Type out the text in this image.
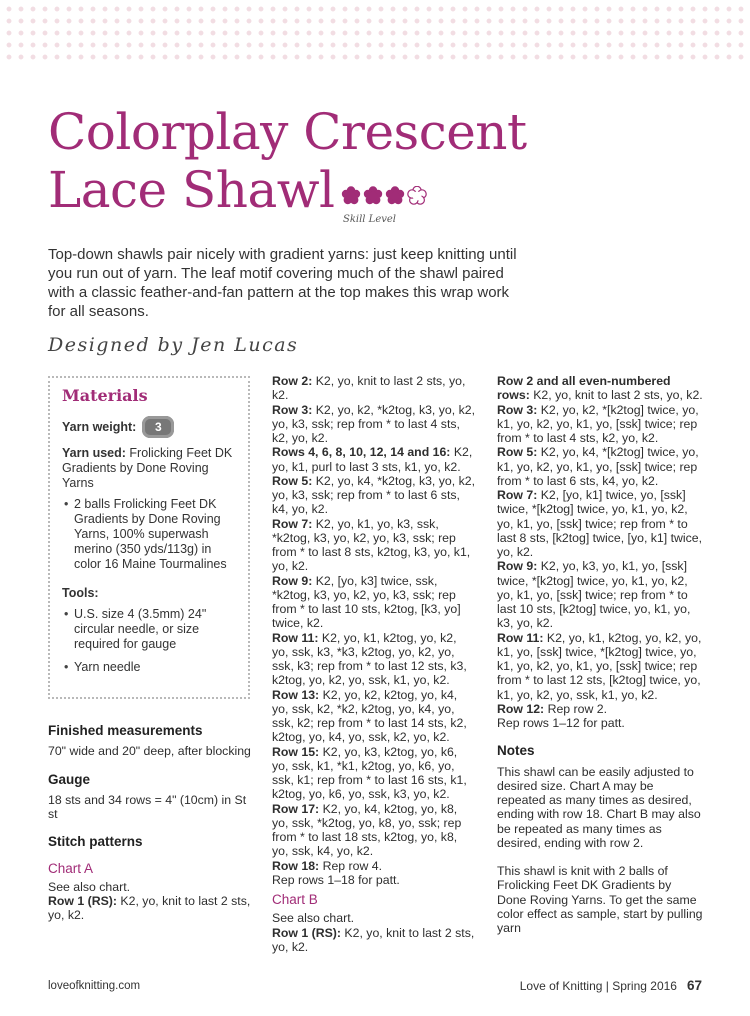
Colorplay Crescent
Lace Shawl
Skill Level

Top-down shawls pair nicely with gradient yarns: just keep knitting until you run out of yarn. The leaf motif covering much of the shawl paired with a classic feather-and-fan pattern at the top makes this wrap work for all seasons.

Designed by Jen Lucas
Materials
Yarn weight: 3

Yarn used: Frolicking Feet DK Gradients by Done Roving Yarns

• 2 balls Frolicking Feet DK Gradients by Done Roving Yarns, 100% superwash merino (350 yds/113g) in color 16 Maine Tourmalines
Tools:
• U.S. size 4 (3.5mm) 24" circular needle, or size required for gauge
• Yarn needle
Finished measurements

70" wide and 20" deep, after blocking

Gauge

18 sts and 34 rows = 4" (10cm) in St st

Stitch patterns
Chart A

See also chart.

Row 1 (RS): K2, yo, knit to last 2 sts, yo, k2.

Row 2: K2, yo, knit to last 2 sts, yo, k2.

Row 3: K2, yo, k2, *k2tog, k3, yo, k2, yo, k3, ssk; rep from * to last 4 sts, k2, yo, k2.

Rows 4, 6, 8, 10, 12, 14 and 16: K2, yo, k1, purl to last 3 sts, k1, yo, k2.

Row 5: K2, yo, k4, *k2tog, k3, yo, k2, yo, k3, ssk; rep from * to last 6 sts, k4, yo, k2.

Row 7: K2, yo, k1, yo, k3, ssk, *k2tog, k3, yo, k2, yo, k3, ssk; rep from * to last 8 sts, k2tog, k3, yo, k1, yo, k2.

Row 9: K2, [yo, k3] twice, ssk, *k2tog, k3, yo, k2, yo, k3, ssk; rep from * to last 10 sts, k2tog, [k3, yo] twice, k2.

Row 11: K2, yo, k1, k2tog, yo, k2, yo, ssk, k3, *k3, k2tog, yo, k2, yo, ssk, k3; rep from * to last 12 sts, k3, k2tog, yo, k2, yo, ssk, k1, yo, k2.

Row 13: K2, yo, k2, k2tog, yo, k4, yo, ssk, k2, *k2, k2tog, yo, k4, yo, ssk, k2; rep from * to last 14 sts, k2, k2tog, yo, k4, yo, ssk, k2, yo, k2.

Row 15: K2, yo, k3, k2tog, yo, k6, yo, ssk, k1, *k1, k2tog, yo, k6, yo, ssk, k1; rep from * to last 16 sts, k1, k2tog, yo, k6, yo, ssk, k3, yo, k2.

Row 17: K2, yo, k4, k2tog, yo, k8, yo, ssk, *k2tog, yo, k8, yo, ssk; rep from * to last 18 sts, k2tog, yo, k8, yo, ssk, k4, yo, k2.

Row 18: Rep row 4.

Rep rows 1–18 for patt.

Chart B

See also chart.

Row 1 (RS): K2, yo, knit to last 2 sts, yo, k2.

Row 2 and all even-numbered rows: K2, yo, knit to last 2 sts, yo, k2.

Row 3: K2, yo, k2, *[k2tog] twice, yo, k1, yo, k2, yo, k1, yo, [ssk] twice; rep from * to last 4 sts, k2, yo, k2.

Row 5: K2, yo, k4, *[k2tog] twice, yo, k1, yo, k2, yo, k1, yo, [ssk] twice; rep from * to last 6 sts, k4, yo, k2.

Row 7: K2, [yo, k1] twice, yo, [ssk] twice, *[k2tog] twice, yo, k1, yo, k2, yo, k1, yo, [ssk] twice; rep from * to last 8 sts, [k2tog] twice, [yo, k1] twice, yo, k2.

Row 9: K2, yo, k3, yo, k1, yo, [ssk] twice, *[k2tog] twice, yo, k1, yo, k2, yo, k1, yo, [ssk] twice; rep from * to last 10 sts, [k2tog] twice, yo, k1, yo, k3, yo, k2.

Row 11: K2, yo, k1, k2tog, yo, k2, yo, k1, yo, [ssk] twice, *[k2tog] twice, yo, k1, yo, k2, yo, k1, yo, [ssk] twice; rep from * to last 12 sts, [k2tog] twice, yo, k1, yo, k2, yo, ssk, k1, yo, k2.

Row 12: Rep row 2.

Rep rows 1–12 for patt.

Notes

This shawl can be easily adjusted to desired size. Chart A may be repeated as many times as desired, ending with row 18. Chart B may also be repeated as many times as desired, ending with row 2.

This shawl is knit with 2 balls of Frolicking Feet DK Gradients by Done Roving Yarns. To get the same color effect as sample, start by pulling yarn

loveofknitting.com	Love of Knitting | Spring 2016 67
